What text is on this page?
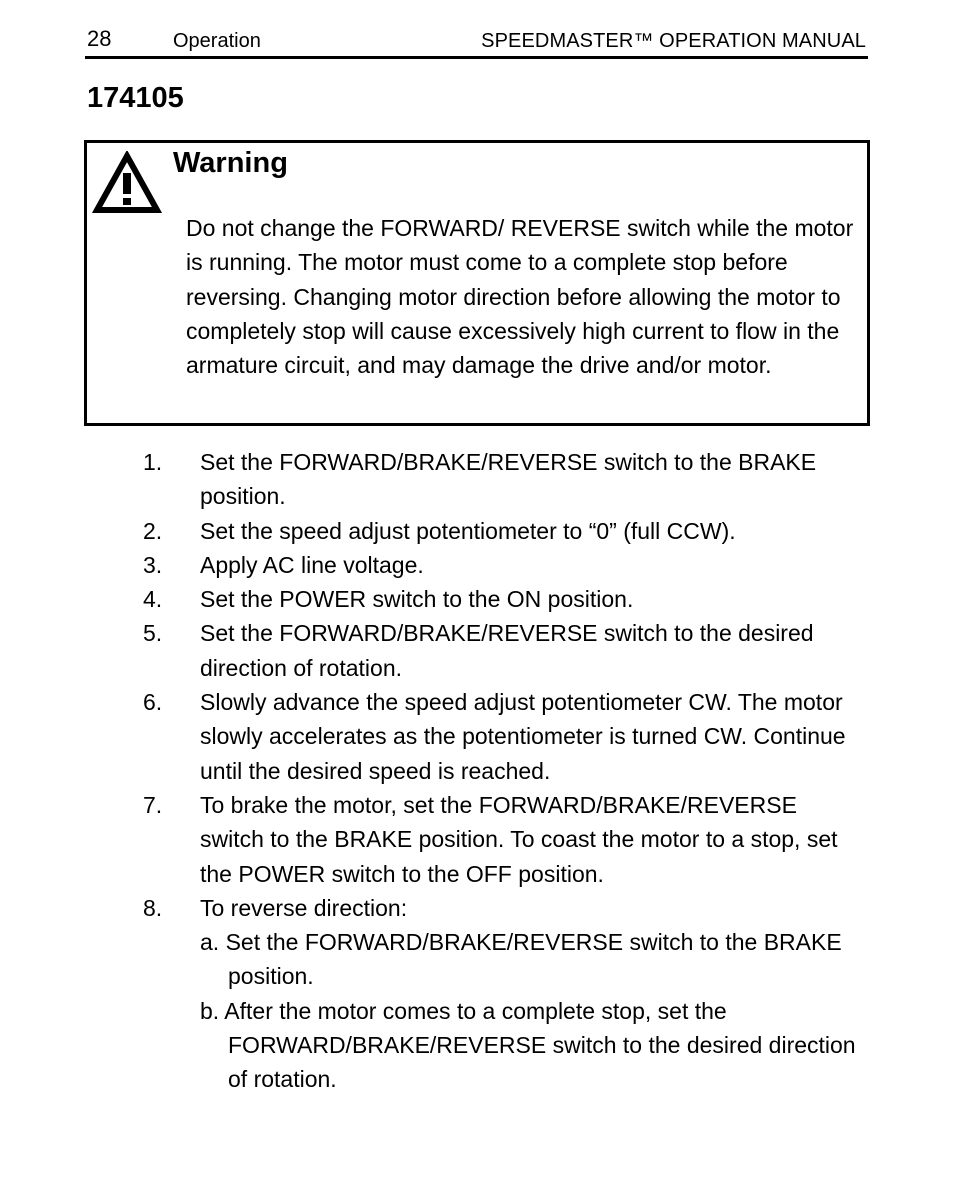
28	Operation	SPEEDMASTER™ OPERATION MANUAL
174105
Warning
Do not change the FORWARD/ REVERSE switch while the motor is running. The motor must come to a complete stop before reversing. Changing motor direction before allowing the motor to completely stop will cause excessively high current to flow in the armature circuit, and may damage the drive and/or motor.
1. Set the FORWARD/BRAKE/REVERSE switch to the BRAKE position.
2. Set the speed adjust potentiometer to “0” (full CCW).
3. Apply AC line voltage.
4. Set the POWER switch to the ON position.
5. Set the FORWARD/BRAKE/REVERSE switch to the desired direction of rotation.
6. Slowly advance the speed adjust potentiometer CW. The motor slowly accelerates as the potentiometer is turned CW. Continue until the desired speed is reached.
7. To brake the motor, set the FORWARD/BRAKE/REVERSE switch to the BRAKE position. To coast the motor to a stop, set the POWER switch to the OFF position.
8. To reverse direction:
a. Set the FORWARD/BRAKE/REVERSE switch to the BRAKE position.
b. After the motor comes to a complete stop, set the FORWARD/BRAKE/REVERSE switch to the desired direction of rotation.
